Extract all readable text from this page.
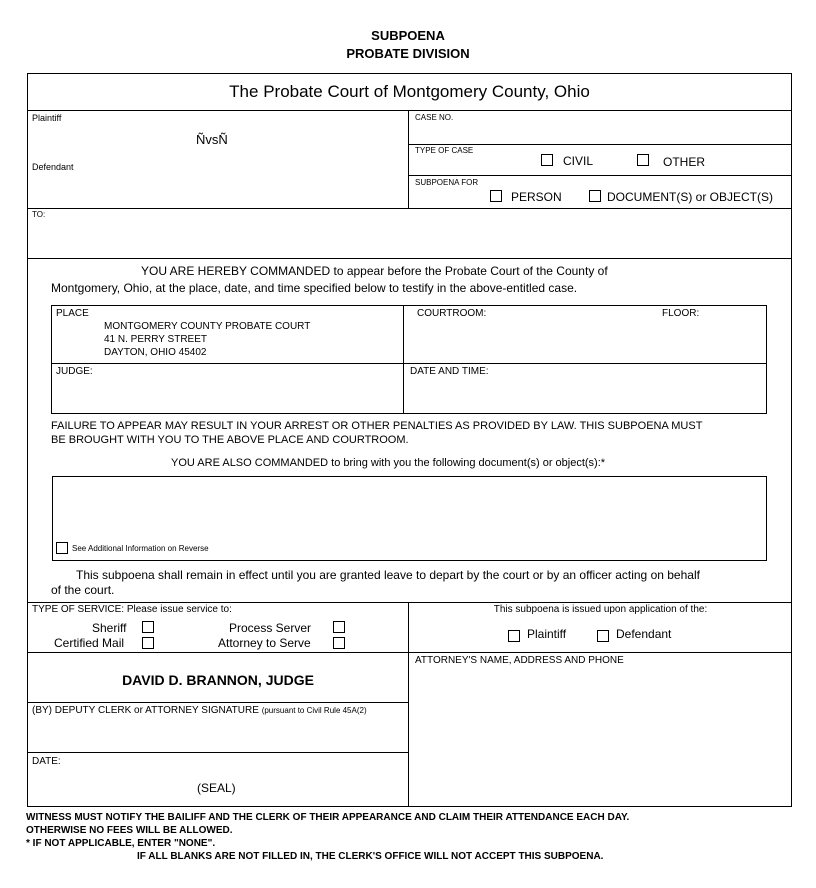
SUBPOENA
PROBATE DIVISION
The Probate Court of Montgomery County, Ohio
Plaintiff
ÑvsÑ
Defendant
CASE NO.
TYPE OF CASE
CIVIL	OTHER
SUBPOENA FOR
PERSON	DOCUMENT(S) or OBJECT(S)
TO:
YOU ARE HEREBY COMMANDED to appear before the Probate Court of the County of
Montgomery, Ohio, at the place, date, and time specified below to testify in the above-entitled case.
PLACE
MONTGOMERY COUNTY PROBATE COURT
41 N. PERRY STREET
DAYTON, OHIO 45402
COURTROOM:	FLOOR:
JUDGE:	DATE AND TIME:
FAILURE TO APPEAR MAY RESULT IN YOUR ARREST OR OTHER PENALTIES AS PROVIDED BY LAW. THIS SUBPOENA MUST
BE BROUGHT WITH YOU TO THE ABOVE PLACE AND COURTROOM.
YOU ARE ALSO COMMANDED to bring with you the following document(s) or object(s):*
See Additional Information on Reverse
This subpoena shall remain in effect until you are granted leave to depart by the court or by an officer acting on behalf
of the court.
TYPE OF SERVICE: Please issue service to:
Sheriff	Process Server
Certified Mail	Attorney to Serve
This subpoena is issued upon application of the:
Plaintiff	Defendant
DAVID D. BRANNON, JUDGE
ATTORNEY'S NAME, ADDRESS AND PHONE
(BY) DEPUTY CLERK or ATTORNEY SIGNATURE (pursuant to Civil Rule 45A(2)
DATE:
(SEAL)
WITNESS MUST NOTIFY THE BAILIFF AND THE CLERK OF THEIR APPEARANCE AND CLAIM THEIR ATTENDANCE EACH DAY.
OTHERWISE NO FEES WILL BE ALLOWED.
* IF NOT APPLICABLE, ENTER "NONE".
IF ALL BLANKS ARE NOT FILLED IN, THE CLERK'S OFFICE WILL NOT ACCEPT THIS SUBPOENA.
